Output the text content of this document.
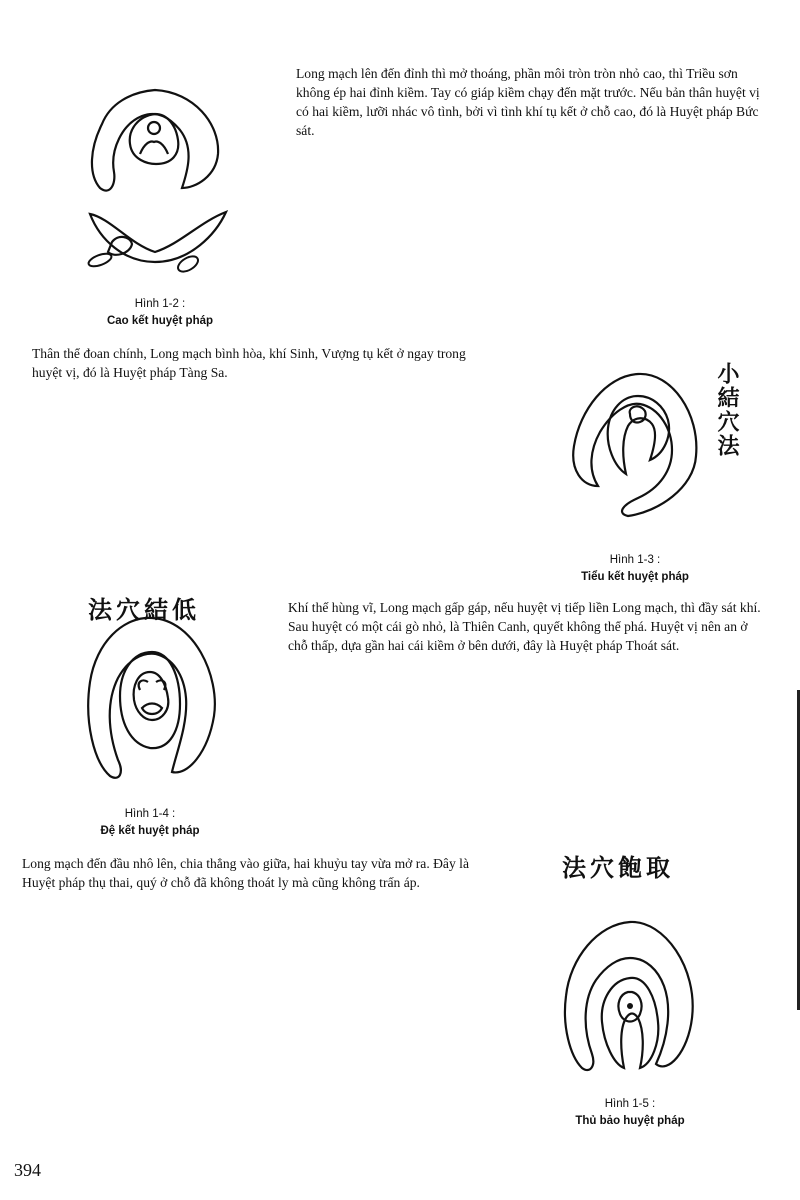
Long mạch lên đến đỉnh thì mở thoáng, phần môi tròn tròn nhỏ cao, thì Triều sơn không ép hai đỉnh kiềm. Tay có giáp kiềm chạy đến mặt trước. Nếu bản thân huyệt vị có hai kiềm, lưỡi nhác vô tình, bởi vì tình khí tụ kết ở chỗ cao, đó là Huyệt pháp Bức sát.

Hình 1-2 :
Cao kết huyệt pháp

Thân thể đoan chính, Long mạch bình hòa, khí Sinh, Vượng tụ kết ở ngay trong huyệt vị, đó là Huyệt pháp Tàng Sa.	小結穴法
Hình 1-3 :
Tiểu kết huyệt pháp
法穴結低
Hình 1-4 :
Đệ kết huyệt pháp

Khí thế hùng vĩ, Long mạch gấp gáp, nếu huyệt vị tiếp liền Long mạch, thì đầy sát khí. Sau huyệt có một cái gò nhỏ, là Thiên Canh, quyết không thể phá. Huyệt vị nên an ở chỗ thấp, dựa gần hai cái kiềm ở bên dưới, đây là Huyệt pháp Thoát sát.

Long mạch đến đầu nhô lên, chia thẳng vào giữa, hai khuỷu tay vừa mở ra. Đây là Huyệt pháp thụ thai, quý ở chỗ đã không thoát ly mà cũng không trấn áp.

法穴飽取
Hình 1-5 :
Thủ bảo huyệt pháp
394
